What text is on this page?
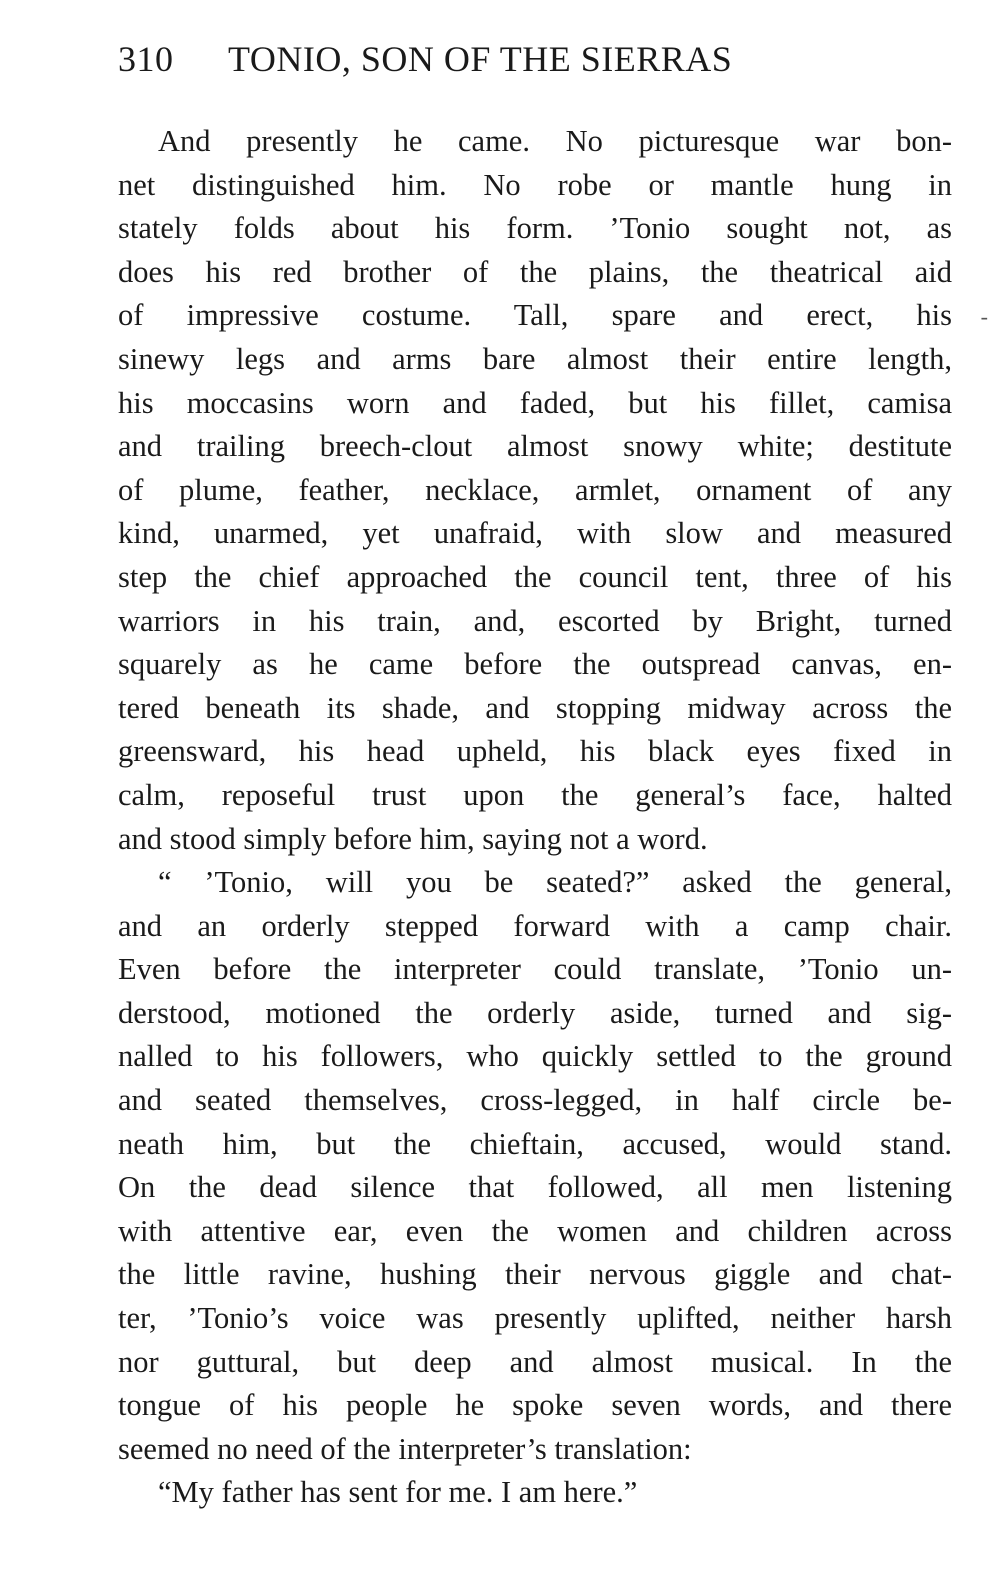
310	TONIO, SON OF THE SIERRAS
-
And presently he came. No picturesque war bon-
net distinguished him. No robe or mantle hung in
stately folds about his form. ’Tonio sought not, as
does his red brother of the plains, the theatrical aid
of impressive costume. Tall, spare and erect, his
sinewy legs and arms bare almost their entire length,
his moccasins worn and faded, but his fillet, camisa
and trailing breech-clout almost snowy white; destitute
of plume, feather, necklace, armlet, ornament of any
kind, unarmed, yet unafraid, with slow and measured
step the chief approached the council tent, three of his
warriors in his train, and, escorted by Bright, turned
squarely as he came before the outspread canvas, en-
tered beneath its shade, and stopping midway across the
greensward, his head upheld, his black eyes fixed in
calm, reposeful trust upon the general’s face, halted
and stood simply before him, saying not a word.
“ ’Tonio, will you be seated?” asked the general,
and an orderly stepped forward with a camp chair.
Even before the interpreter could translate, ’Tonio un-
derstood, motioned the orderly aside, turned and sig-
nalled to his followers, who quickly settled to the ground
and seated themselves, cross-legged, in half circle be-
neath him, but the chieftain, accused, would stand.
On the dead silence that followed, all men listening
with attentive ear, even the women and children across
the little ravine, hushing their nervous giggle and chat-
ter, ’Tonio’s voice was presently uplifted, neither harsh
nor guttural, but deep and almost musical. In the
tongue of his people he spoke seven words, and there
seemed no need of the interpreter’s translation:
“My father has sent for me. I am here.”
